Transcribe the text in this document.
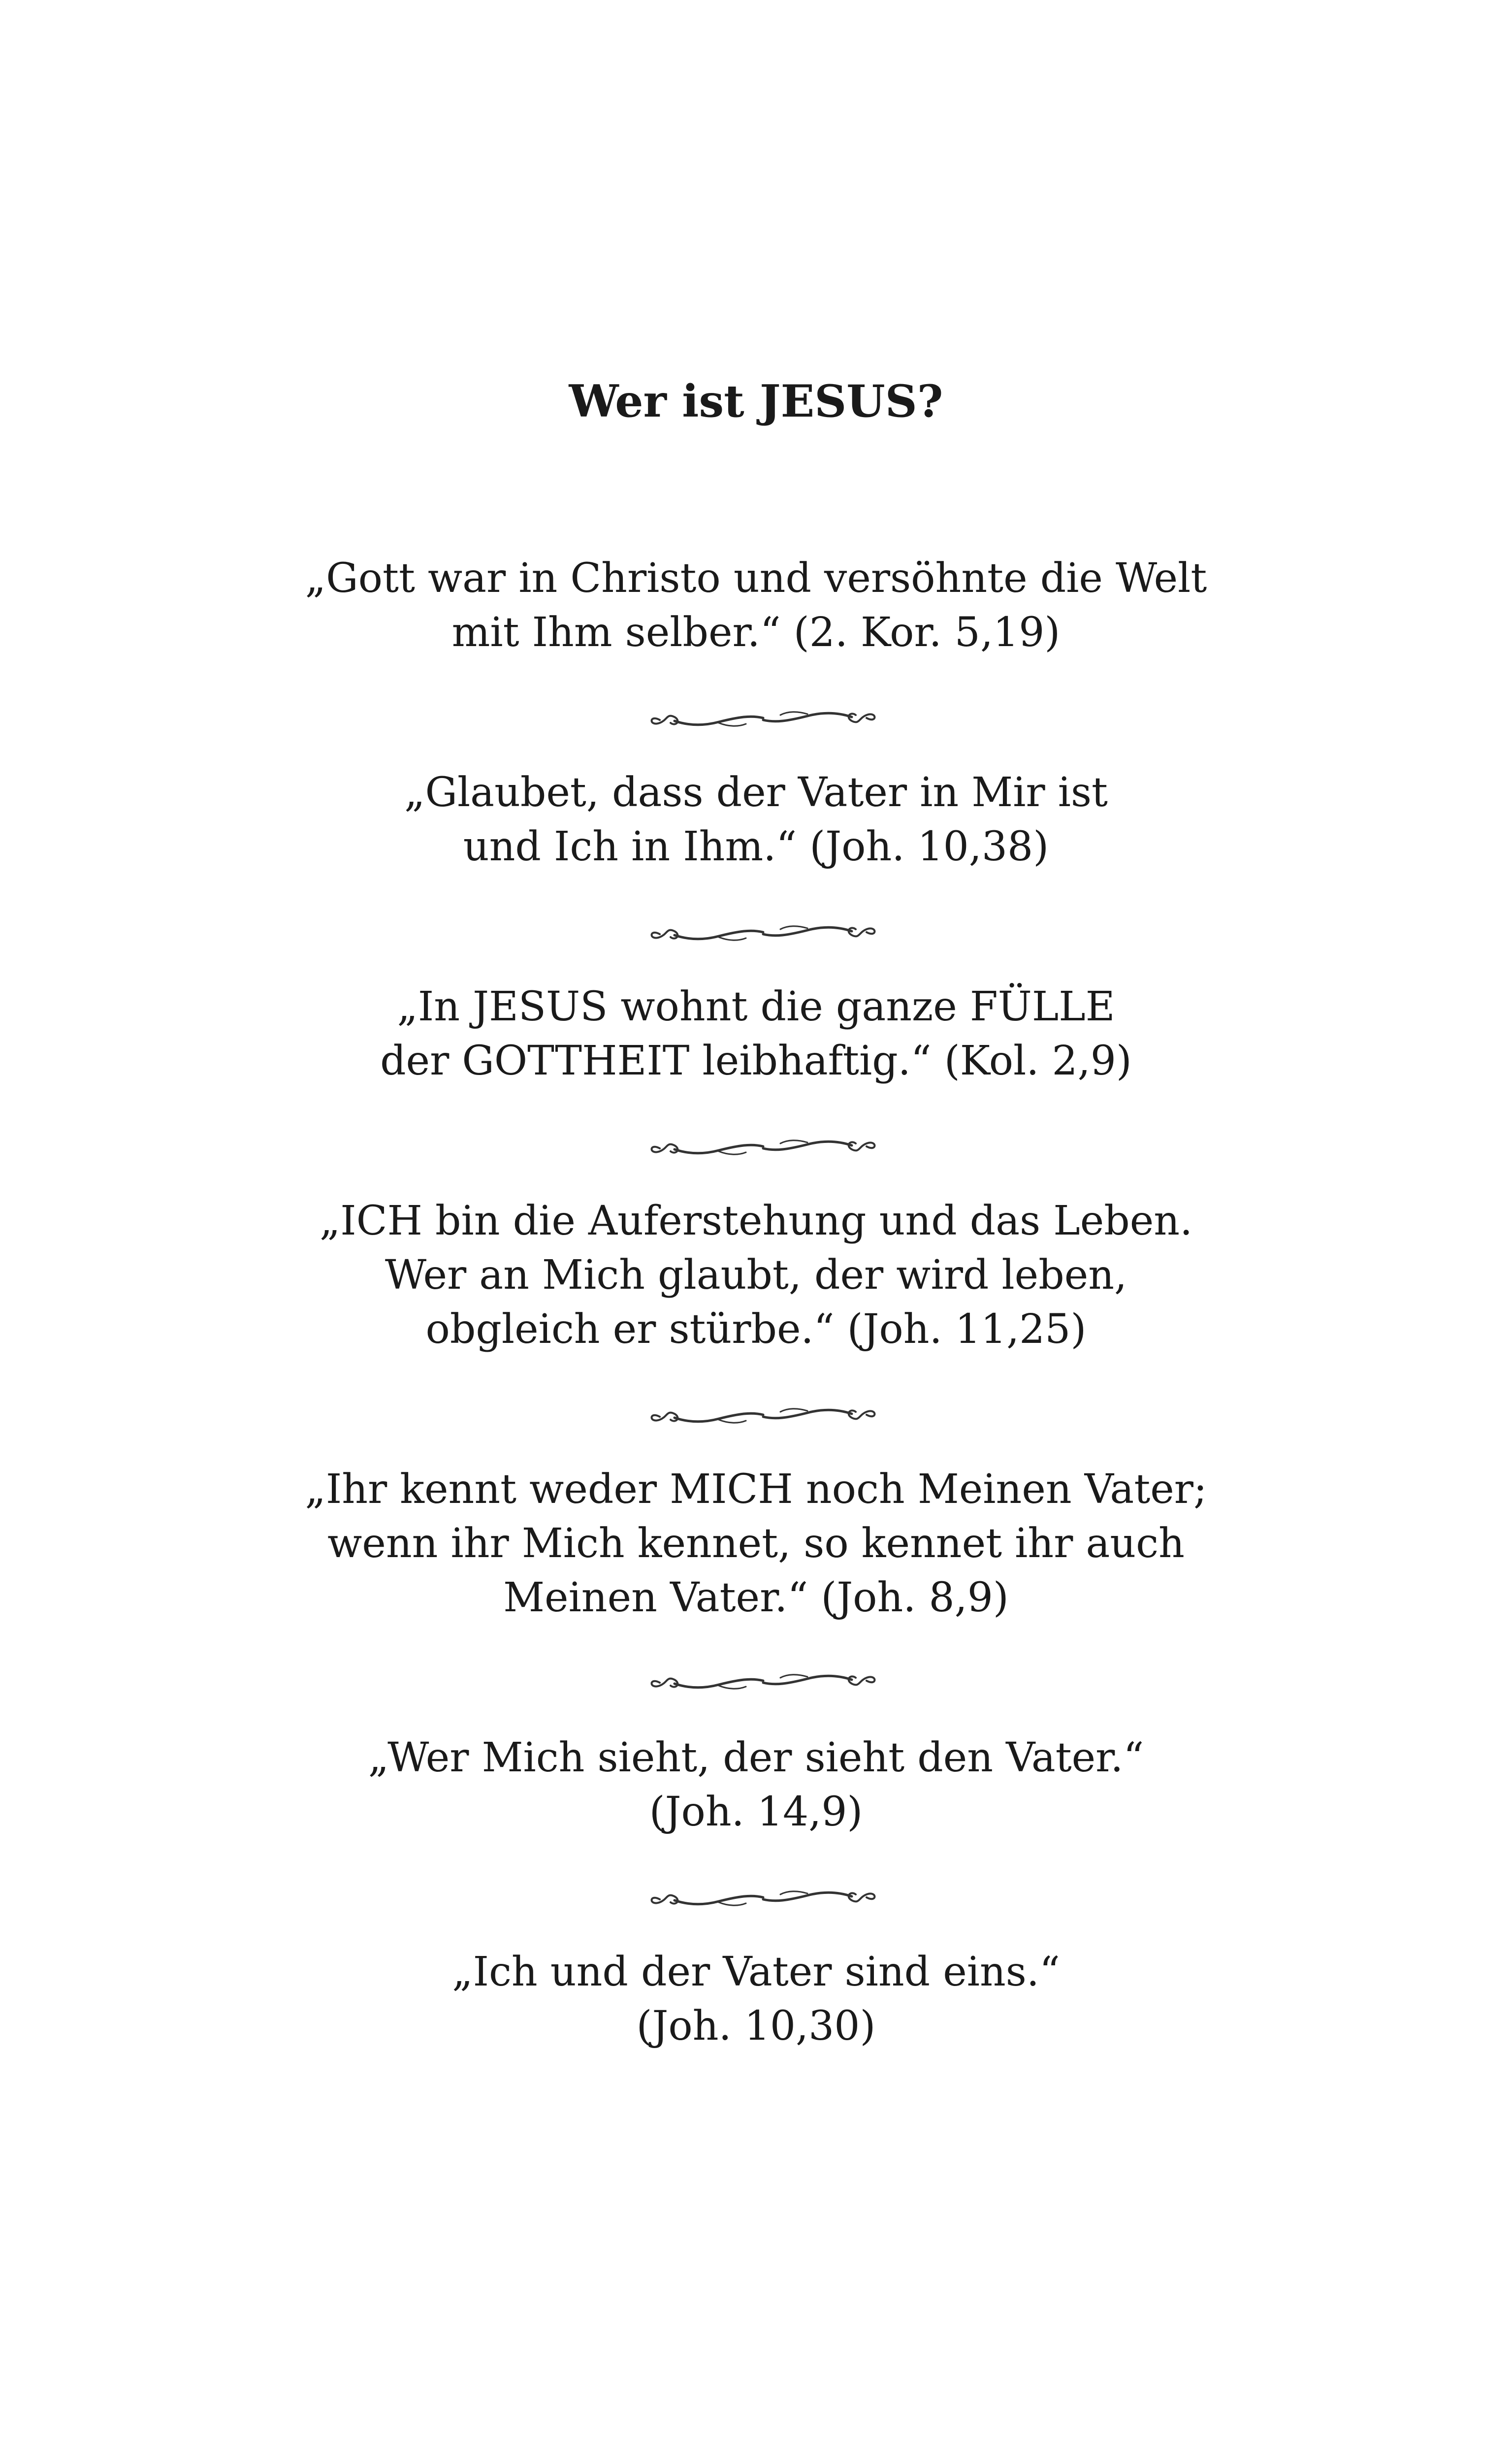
Wer ist JESUS?

„Gott war in Christo und versöhnte die Welt
mit Ihm selber.“ (2. Kor. 5,19)

„Glaubet, dass der Vater in Mir ist
und Ich in Ihm.“ (Joh. 10,38)

„In JESUS wohnt die ganze FÜLLE
der GOTTHEIT leibhaftig.“ (Kol. 2,9)

„ICH bin die Auferstehung und das Leben.
Wer an Mich glaubt, der wird leben,
obgleich er stürbe.“ (Joh. 11,25)

„Ihr kennt weder MICH noch Meinen Vater;
wenn ihr Mich kennet, so kennet ihr auch
Meinen Vater.“ (Joh. 8,9)

„Wer Mich sieht, der sieht den Vater.“
(Joh. 14,9)

„Ich und der Vater sind eins.“
(Joh. 10,30)
